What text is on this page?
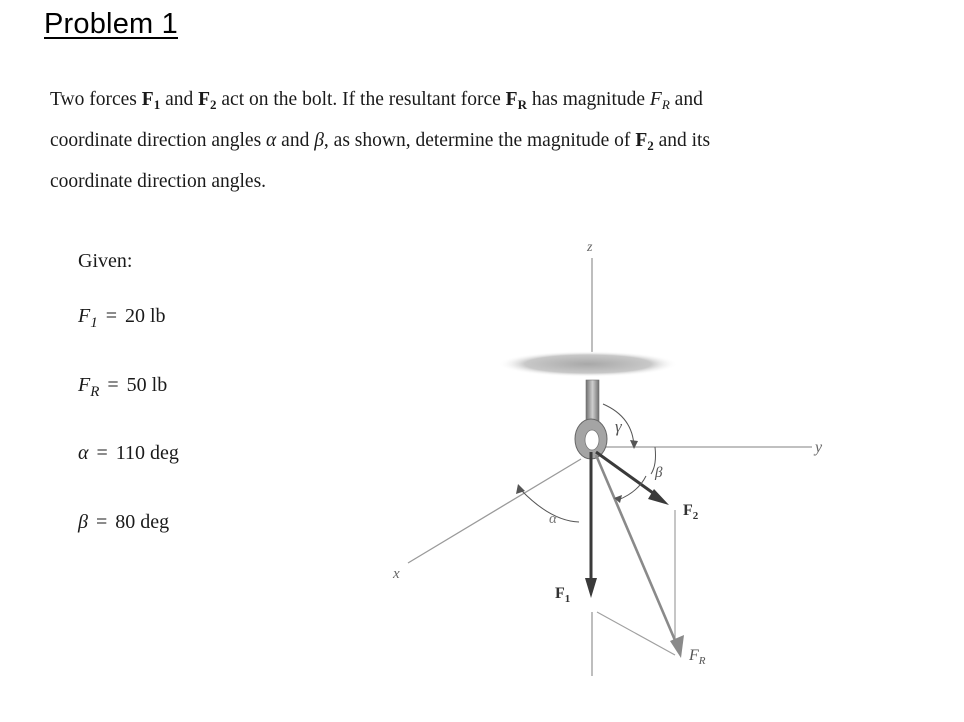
Problem 1
Two forces $F_1$ and $F_2$ act on the bolt. If the resultant force $F_R$ has magnitude $F_R$ and
coordinate direction angles α and β, as shown, determine the magnitude of $F_2$ and its
coordinate direction angles.
Given:
$F_1 = 20$ lb
$F_R = 50$ lb
α = 110 deg
β = 80 deg
z
y
x
γ
β
α
$F_1$
$F_2$
$F_R$
